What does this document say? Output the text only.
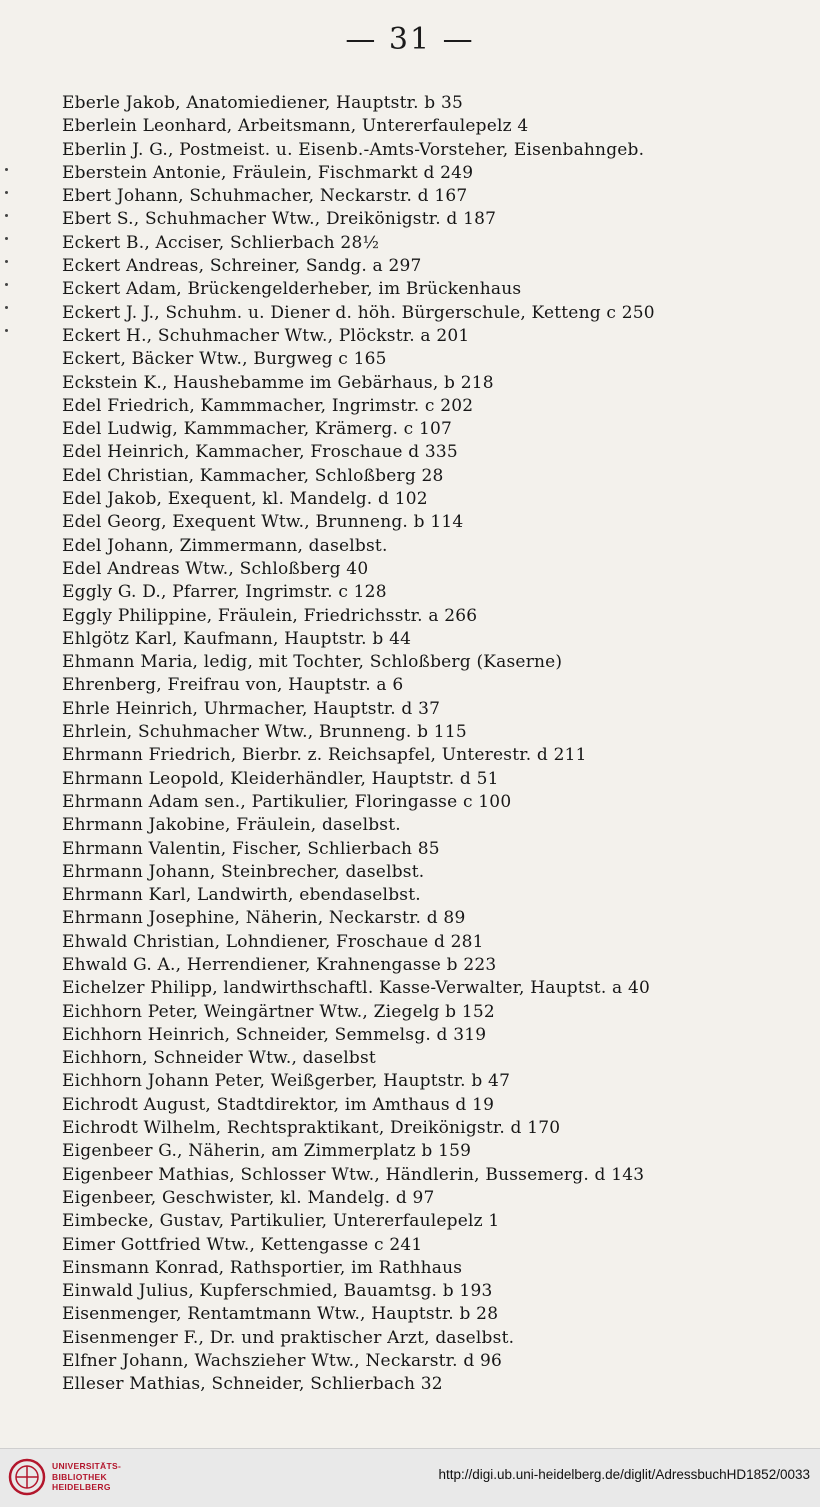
— 31 —
Eberle Jakob, Anatomiediener, Hauptstr. b 35
Eberlein Leonhard, Arbeitsmann, Untererfaulepelz 4
Eberlin J. G., Postmeist. u. Eisenb.-Amts-Vorsteher, Eisenbahngeb.
Eberstein Antonie, Fräulein, Fischmarkt d 249
Ebert Johann, Schuhmacher, Neckarstr. d 167
Ebert S., Schuhmacher Wtw., Dreikönigstr. d 187
Eckert B., Acciser, Schlierbach 28½
Eckert Andreas, Schreiner, Sandg. a 297
Eckert Adam, Brückengelderheber, im Brückenhaus
Eckert J. J., Schuhm. u. Diener d. höh. Bürgerschule, Ketteng c 250
Eckert H., Schuhmacher Wtw., Plöckstr. a 201
Eckert, Bäcker Wtw., Burgweg c 165
Eckstein K., Haushebamme im Gebärhaus, b 218
Edel Friedrich, Kammmacher, Ingrimstr. c 202
Edel Ludwig, Kammmacher, Krämerg. c 107
Edel Heinrich, Kammacher, Froschaue d 335
Edel Christian, Kammacher, Schloßberg 28
Edel Jakob, Exequent, kl. Mandelg. d 102
Edel Georg, Exequent Wtw., Brunneng. b 114
Edel Johann, Zimmermann, daselbst.
Edel Andreas Wtw., Schloßberg 40
Eggly G. D., Pfarrer, Ingrimstr. c 128
Eggly Philippine, Fräulein, Friedrichsstr. a 266
Ehlgötz Karl, Kaufmann, Hauptstr. b 44
Ehmann Maria, ledig, mit Tochter, Schloßberg (Kaserne)
Ehrenberg, Freifrau von, Hauptstr. a 6
Ehrle Heinrich, Uhrmacher, Hauptstr. d 37
Ehrlein, Schuhmacher Wtw., Brunneng. b 115
Ehrmann Friedrich, Bierbr. z. Reichsapfel, Unterestr. d 211
Ehrmann Leopold, Kleiderhändler, Hauptstr. d 51
Ehrmann Adam sen., Partikulier, Floringasse c 100
Ehrmann Jakobine, Fräulein, daselbst.
Ehrmann Valentin, Fischer, Schlierbach 85
Ehrmann Johann, Steinbrecher, daselbst.
Ehrmann Karl, Landwirth, ebendaselbst.
Ehrmann Josephine, Näherin, Neckarstr. d 89
Ehwald Christian, Lohndiener, Froschaue d 281
Ehwald G. A., Herrendiener, Krahnengasse b 223
Eichelzer Philipp, landwirthschaftl. Kasse-Verwalter, Hauptst. a 40
Eichhorn Peter, Weingärtner Wtw., Ziegelg b 152
Eichhorn Heinrich, Schneider, Semmelsg. d 319
Eichhorn, Schneider Wtw., daselbst
Eichhorn Johann Peter, Weißgerber, Hauptstr. b 47
Eichrodt August, Stadtdirektor, im Amthaus d 19
Eichrodt Wilhelm, Rechtspraktikant, Dreikönigstr. d 170
Eigenbeer G., Näherin, am Zimmerplatz b 159
Eigenbeer Mathias, Schlosser Wtw., Händlerin, Bussemerg. d 143
Eigenbeer, Geschwister, kl. Mandelg. d 97
Eimbecke, Gustav, Partikulier, Untererfaulepelz 1
Eimer Gottfried Wtw., Kettengasse c 241
Einsmann Konrad, Rathsportier, im Rathhaus
Einwald Julius, Kupferschmied, Bauamtsg. b 193
Eisenmenger, Rentamtmann Wtw., Hauptstr. b 28
Eisenmenger F., Dr. und praktischer Arzt, daselbst.
Elfner Johann, Wachszieher Wtw., Neckarstr. d 96
Elleser Mathias, Schneider, Schlierbach 32
UNIVERSITÄTS-
BIBLIOTHEK
HEIDELBERG
http://digi.ub.uni-heidelberg.de/diglit/AdressbuchHD1852/0033
